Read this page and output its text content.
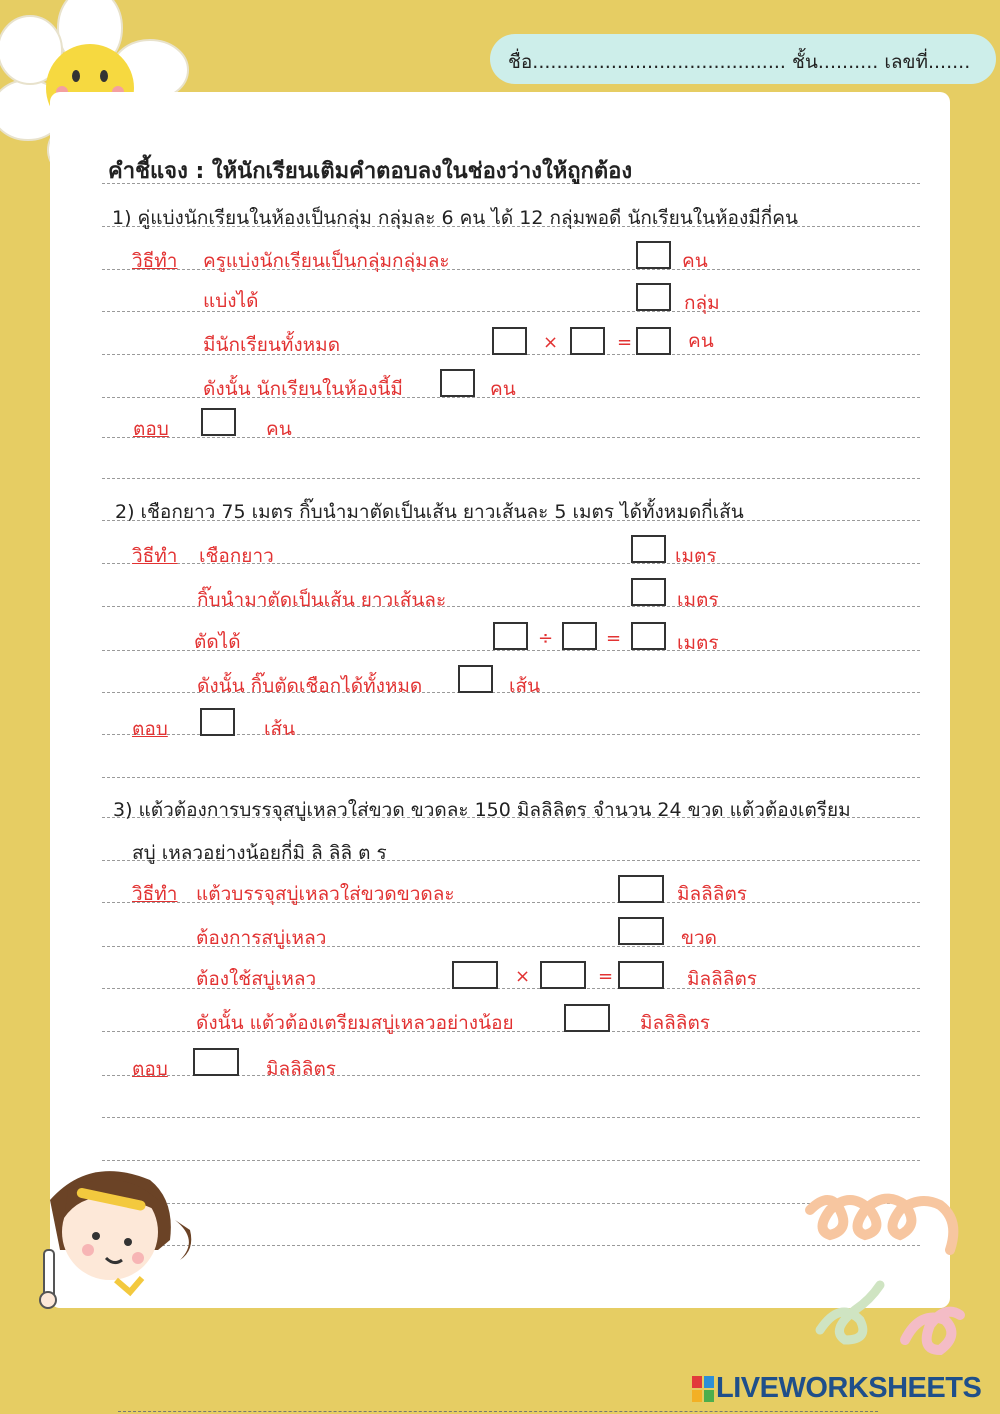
ชื่อ.......................................... ชั้น.......... เลขที่.......
คำชี้แจง : ให้นักเรียนเติมคำตอบลงในช่องว่างให้ถูกต้อง
1) คู่แบ่งนักเรียนในห้องเป็นกลุ่ม กลุ่มละ 6 คน ได้ 12 กลุ่มพอดี นักเรียนในห้องมีกี่คน
วิธีทำ ครูแบ่งนักเรียนเป็นกลุ่มกลุ่มละ	คน
แบ่งได้	กลุ่ม
มีนักเรียนทั้งหมด	×	=	คน
ดังนั้น นักเรียนในห้องนี้มี	คน
ตอบ	คน
2) เชือกยาว 75 เมตร กิ๊บนำมาตัดเป็นเส้น ยาวเส้นละ 5 เมตร ได้ทั้งหมดกี่เส้น
วิธีทำ เชือกยาว	เมตร
กิ๊บนำมาตัดเป็นเส้น ยาวเส้นละ	เมตร
ตัดได้	÷	=	เมตร
ดังนั้น กิ๊บตัดเชือกได้ทั้งหมด	เส้น
ตอบ	เส้น
3) แต้วต้องการบรรจุสบู่เหลวใส่ขวด ขวดละ 150 มิลลิลิตร จำนวน 24 ขวด แต้วต้องเตรียม
สบู่ เหลวอย่างน้อยกี่มิ ลิ ลิลิ ต ร
วิธีทำ แต้วบรรจุสบู่เหลวใส่ขวดขวดละ	มิลลิลิตร
ต้องการสบู่เหลว	ขวด
ต้องใช้สบู่เหลว	×	=	มิลลิลิตร
ดังนั้น แต้วต้องเตรียมสบู่เหลวอย่างน้อย	มิลลิลิตร
ตอบ	มิลลิลิตร
LIVEWORKSHEETS
